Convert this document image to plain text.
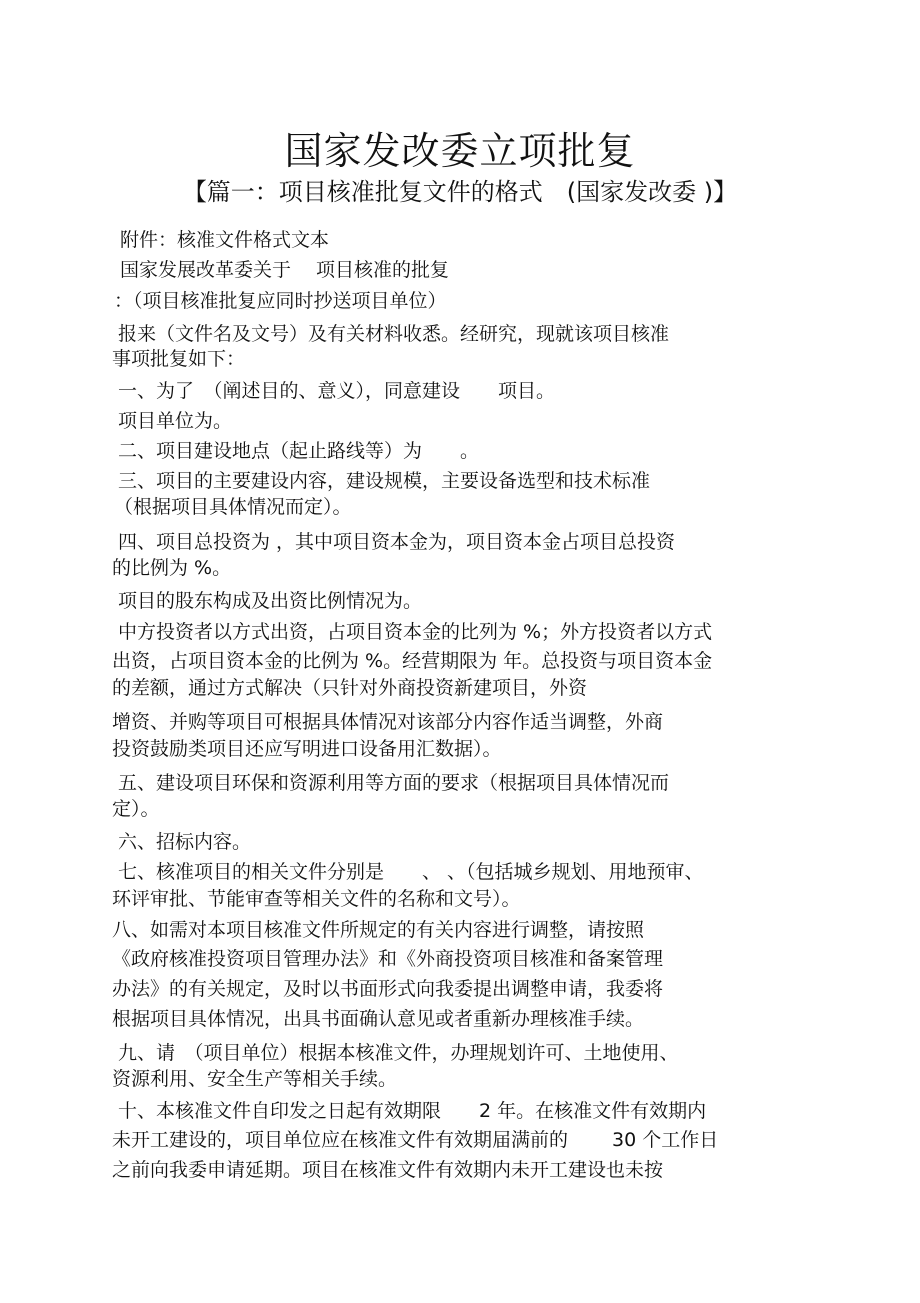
国家发改委立项批复
【篇一：项目核准批复文件的格式　(国家发改委 )】
附件：核准文件格式文本
国家发展改革委关于　 项目核准的批复
：（项目核准批复应同时抄送项目单位）
报来（文件名及文号）及有关材料收悉。经研究，现就该项目核准
事项批复如下：
一、为了　（阐述目的、意义），同意建设　　项目。
项目单位为。
二、项目建设地点（起止路线等）为　　。
三、项目的主要建设内容，建设规模，主要设备选型和技术标准
（根据项目具体情况而定）。
四、项目总投资为 ，其中项目资本金为，项目资本金占项目总投资
的比例为 %。
项目的股东构成及出资比例情况为。
中方投资者以方式出资，占项目资本金的比列为 %；外方投资者以方式
出资，占项目资本金的比例为 %。经营期限为 年。总投资与项目资本金
的差额，通过方式解决（只针对外商投资新建项目，外资
增资、并购等项目可根据具体情况对该部分内容作适当调整，外商
投资鼓励类项目还应写明进口设备用汇数据）。
五、建设项目环保和资源利用等方面的要求（根据项目具体情况而
定）。
六、招标内容。
七、核准项目的相关文件分别是　　、 、（包括城乡规划、用地预审、
环评审批、节能审查等相关文件的名称和文号）。
八、如需对本项目核准文件所规定的有关内容进行调整，请按照
《政府核准投资项目管理办法》和《外商投资项目核准和备案管理
办法》的有关规定，及时以书面形式向我委提出调整申请，我委将
根据项目具体情况，出具书面确认意见或者重新办理核准手续。
九、请　（项目单位）根据本核准文件，办理规划许可、土地使用、
资源利用、安全生产等相关手续。
十、本核准文件自印发之日起有效期限　　2 年。在核准文件有效期内
未开工建设的，项目单位应在核准文件有效期届满前的　　 30 个工作日
之前向我委申请延期。项目在核准文件有效期内未开工建设也未按
